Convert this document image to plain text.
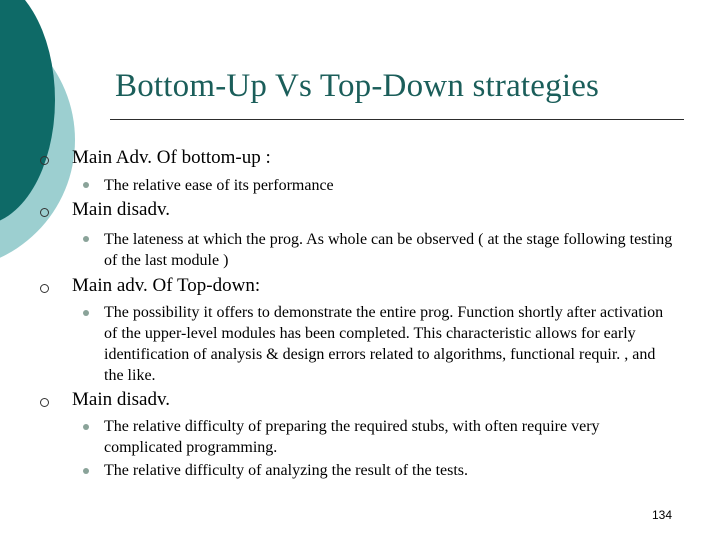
Bottom-Up Vs Top-Down strategies
Main Adv. Of bottom-up :
The relative ease of its performance
Main disadv.
The lateness at which the prog. As whole can be observed ( at the stage following testing of the last module )
Main adv. Of Top-down:
The possibility it offers to demonstrate the entire prog. Function shortly after activation of the upper-level modules has been completed. This characteristic allows for early identification of analysis & design errors related to algorithms, functional requir. , and the like.
Main disadv.
The relative difficulty of preparing the required stubs, with often require very complicated programming.
The relative difficulty of analyzing the result of the tests.
134
